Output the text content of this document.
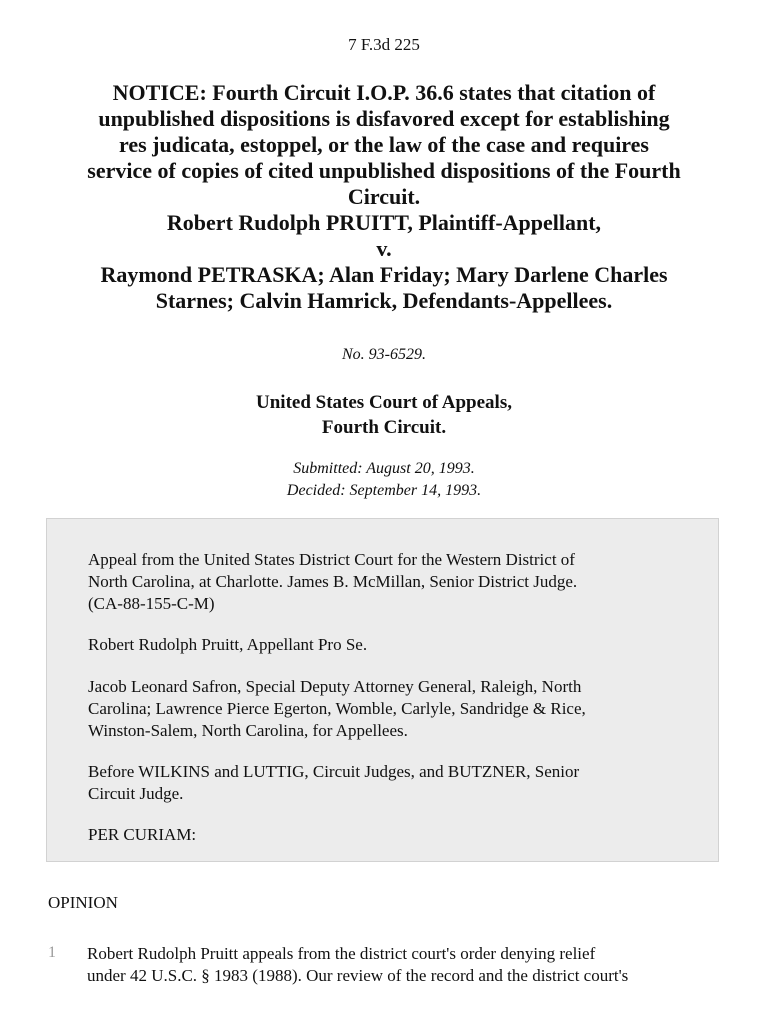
7 F.3d 225
NOTICE: Fourth Circuit I.O.P. 36.6 states that citation of
unpublished dispositions is disfavored except for establishing
res judicata, estoppel, or the law of the case and requires
service of copies of cited unpublished dispositions of the Fourth
Circuit.
Robert Rudolph PRUITT, Plaintiff-Appellant,
v.
Raymond PETRASKA; Alan Friday; Mary Darlene Charles
Starnes; Calvin Hamrick, Defendants-Appellees.
No. 93-6529.
United States Court of Appeals,
Fourth Circuit.
Submitted: August 20, 1993.
Decided: September 14, 1993.

Appeal from the United States District Court for the Western District of
North Carolina, at Charlotte. James B. McMillan, Senior District Judge.
(CA-88-155-C-M)

Robert Rudolph Pruitt, Appellant Pro Se.

Jacob Leonard Safron, Special Deputy Attorney General, Raleigh, North
Carolina; Lawrence Pierce Egerton, Womble, Carlyle, Sandridge & Rice,
Winston-Salem, North Carolina, for Appellees.

Before WILKINS and LUTTIG, Circuit Judges, and BUTZNER, Senior
Circuit Judge.

PER CURIAM:

OPINION
1 Robert Rudolph Pruitt appeals from the district court's order denying relief
under 42 U.S.C. § 1983 (1988). Our review of the record and the district court's
